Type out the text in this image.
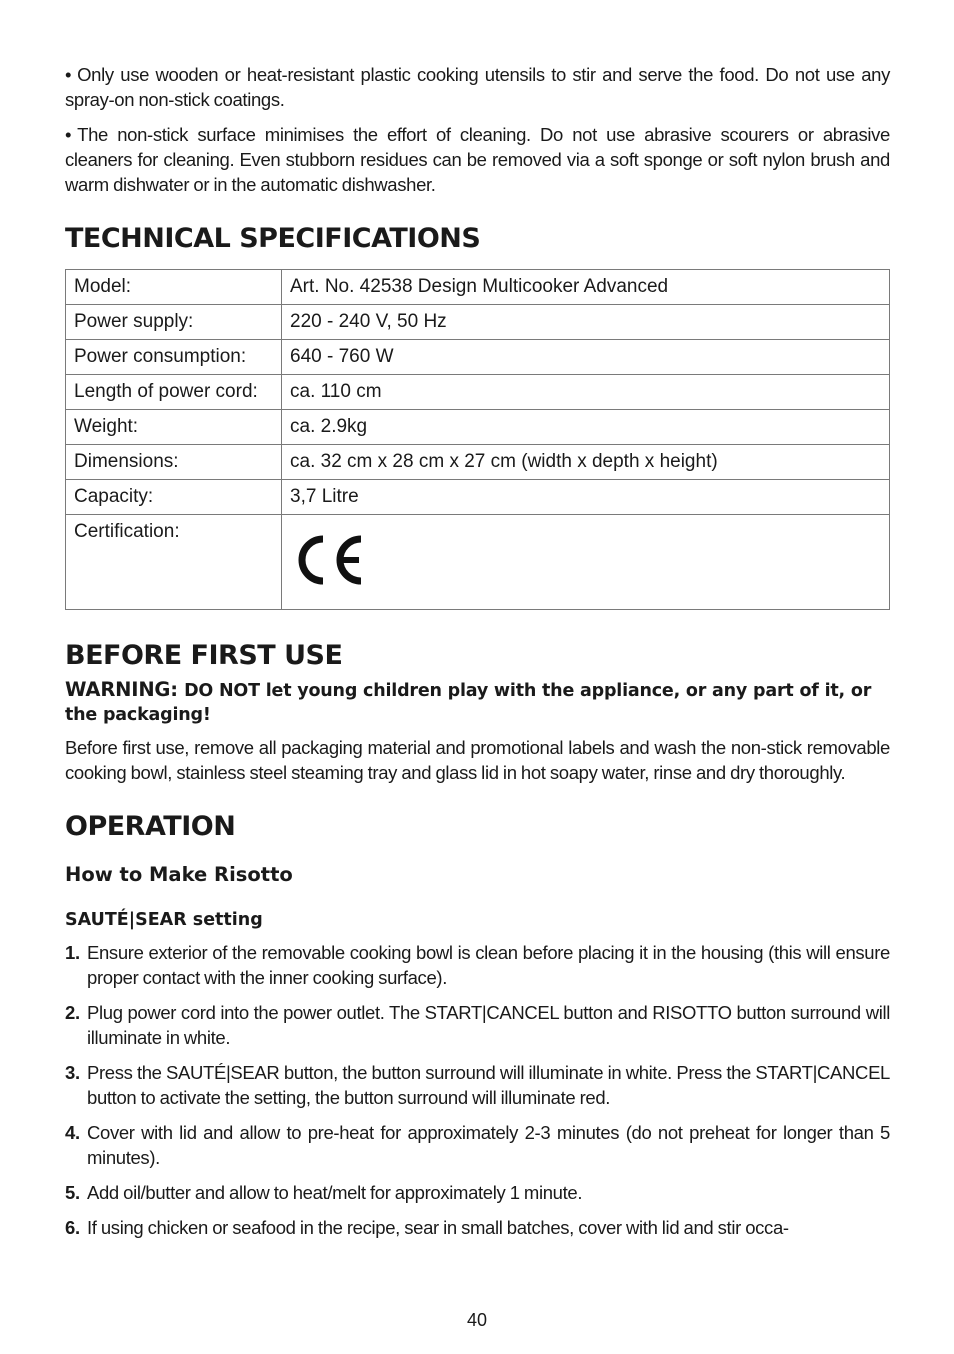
• Only use wooden or heat-resistant plastic cooking utensils to stir and serve the food. Do not use any spray-on non-stick coatings.

• The non-stick surface minimises the effort of cleaning. Do not use abrasive scourers or abrasive cleaners for cleaning. Even stubborn residues can be removed via a soft sponge or soft nylon brush and warm dishwater or in the automatic dishwasher.

TECHNICAL SPECIFICATIONS
Model:	Art. No. 42538 Design Multicooker Advanced
Power supply:	220 - 240 V, 50 Hz
Power consumption:	640 - 760 W
Length of power cord:	ca. 110 cm
Weight:	ca. 2.9kg
Dimensions:	ca. 32 cm x 28 cm x 27 cm (width x depth x height)
Capacity:	3,7 Litre
Certification:	
BEFORE FIRST USE
WARNING: DO NOT let young children play with the appliance, or any part of it, or the packaging!

Before first use, remove all packaging material and promotional labels and wash the non-stick removable cooking bowl, stainless steel steaming tray and glass lid in hot soapy water, rinse and dry thoroughly.

OPERATION
How to Make Risotto
SAUTÉ|SEAR setting
1. Ensure exterior of the removable cooking bowl is clean before placing it in the housing (this will ensure proper contact with the inner cooking surface).
2. Plug power cord into the power outlet. The START|CANCEL button and RISOTTO button surround will illuminate in white.
3. Press the SAUTÉ|SEAR button, the button surround will illuminate in white. Press the START|CANCEL button to activate the setting, the button surround will illuminate red.
4. Cover with lid and allow to pre-heat for approximately 2-3 minutes (do not preheat for longer than 5 minutes).
5. Add oil/butter and allow to heat/melt for approximately 1 minute.
6. If using chicken or seafood in the recipe, sear in small batches, cover with lid and stir occa-
40
